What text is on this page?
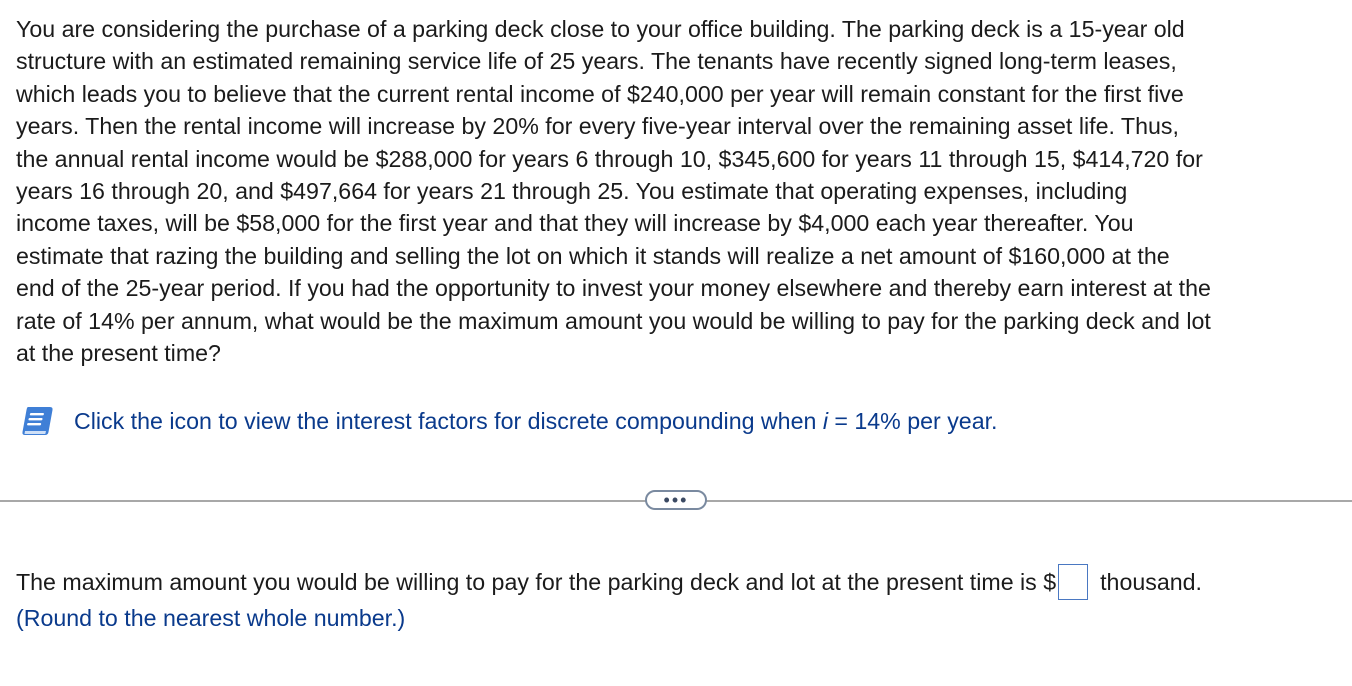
You are considering the purchase of a parking deck close to your office building. The parking deck is a 15-year old
structure with an estimated remaining service life of 25 years. The tenants have recently signed long-term leases,
which leads you to believe that the current rental income of $240,000 per year will remain constant for the first five
years. Then the rental income will increase by 20% for every five-year interval over the remaining asset life. Thus,
the annual rental income would be $288,000 for years 6 through 10, $345,600 for years 11 through 15, $414,720 for
years 16 through 20, and $497,664 for years 21 through 25. You estimate that operating expenses, including
income taxes, will be $58,000 for the first year and that they will increase by $4,000 each year thereafter. You
estimate that razing the building and selling the lot on which it stands will realize a net amount of $160,000 at the
end of the 25-year period. If you had the opportunity to invest your money elsewhere and thereby earn interest at the
rate of 14% per annum, what would be the maximum amount you would be willing to pay for the parking deck and lot
at the present time?
Click the icon to view the interest factors for discrete compounding when i = 14% per year.
•••
The maximum amount you would be willing to pay for the parking deck and lot at the present time is $ thousand.
(Round to the nearest whole number.)
